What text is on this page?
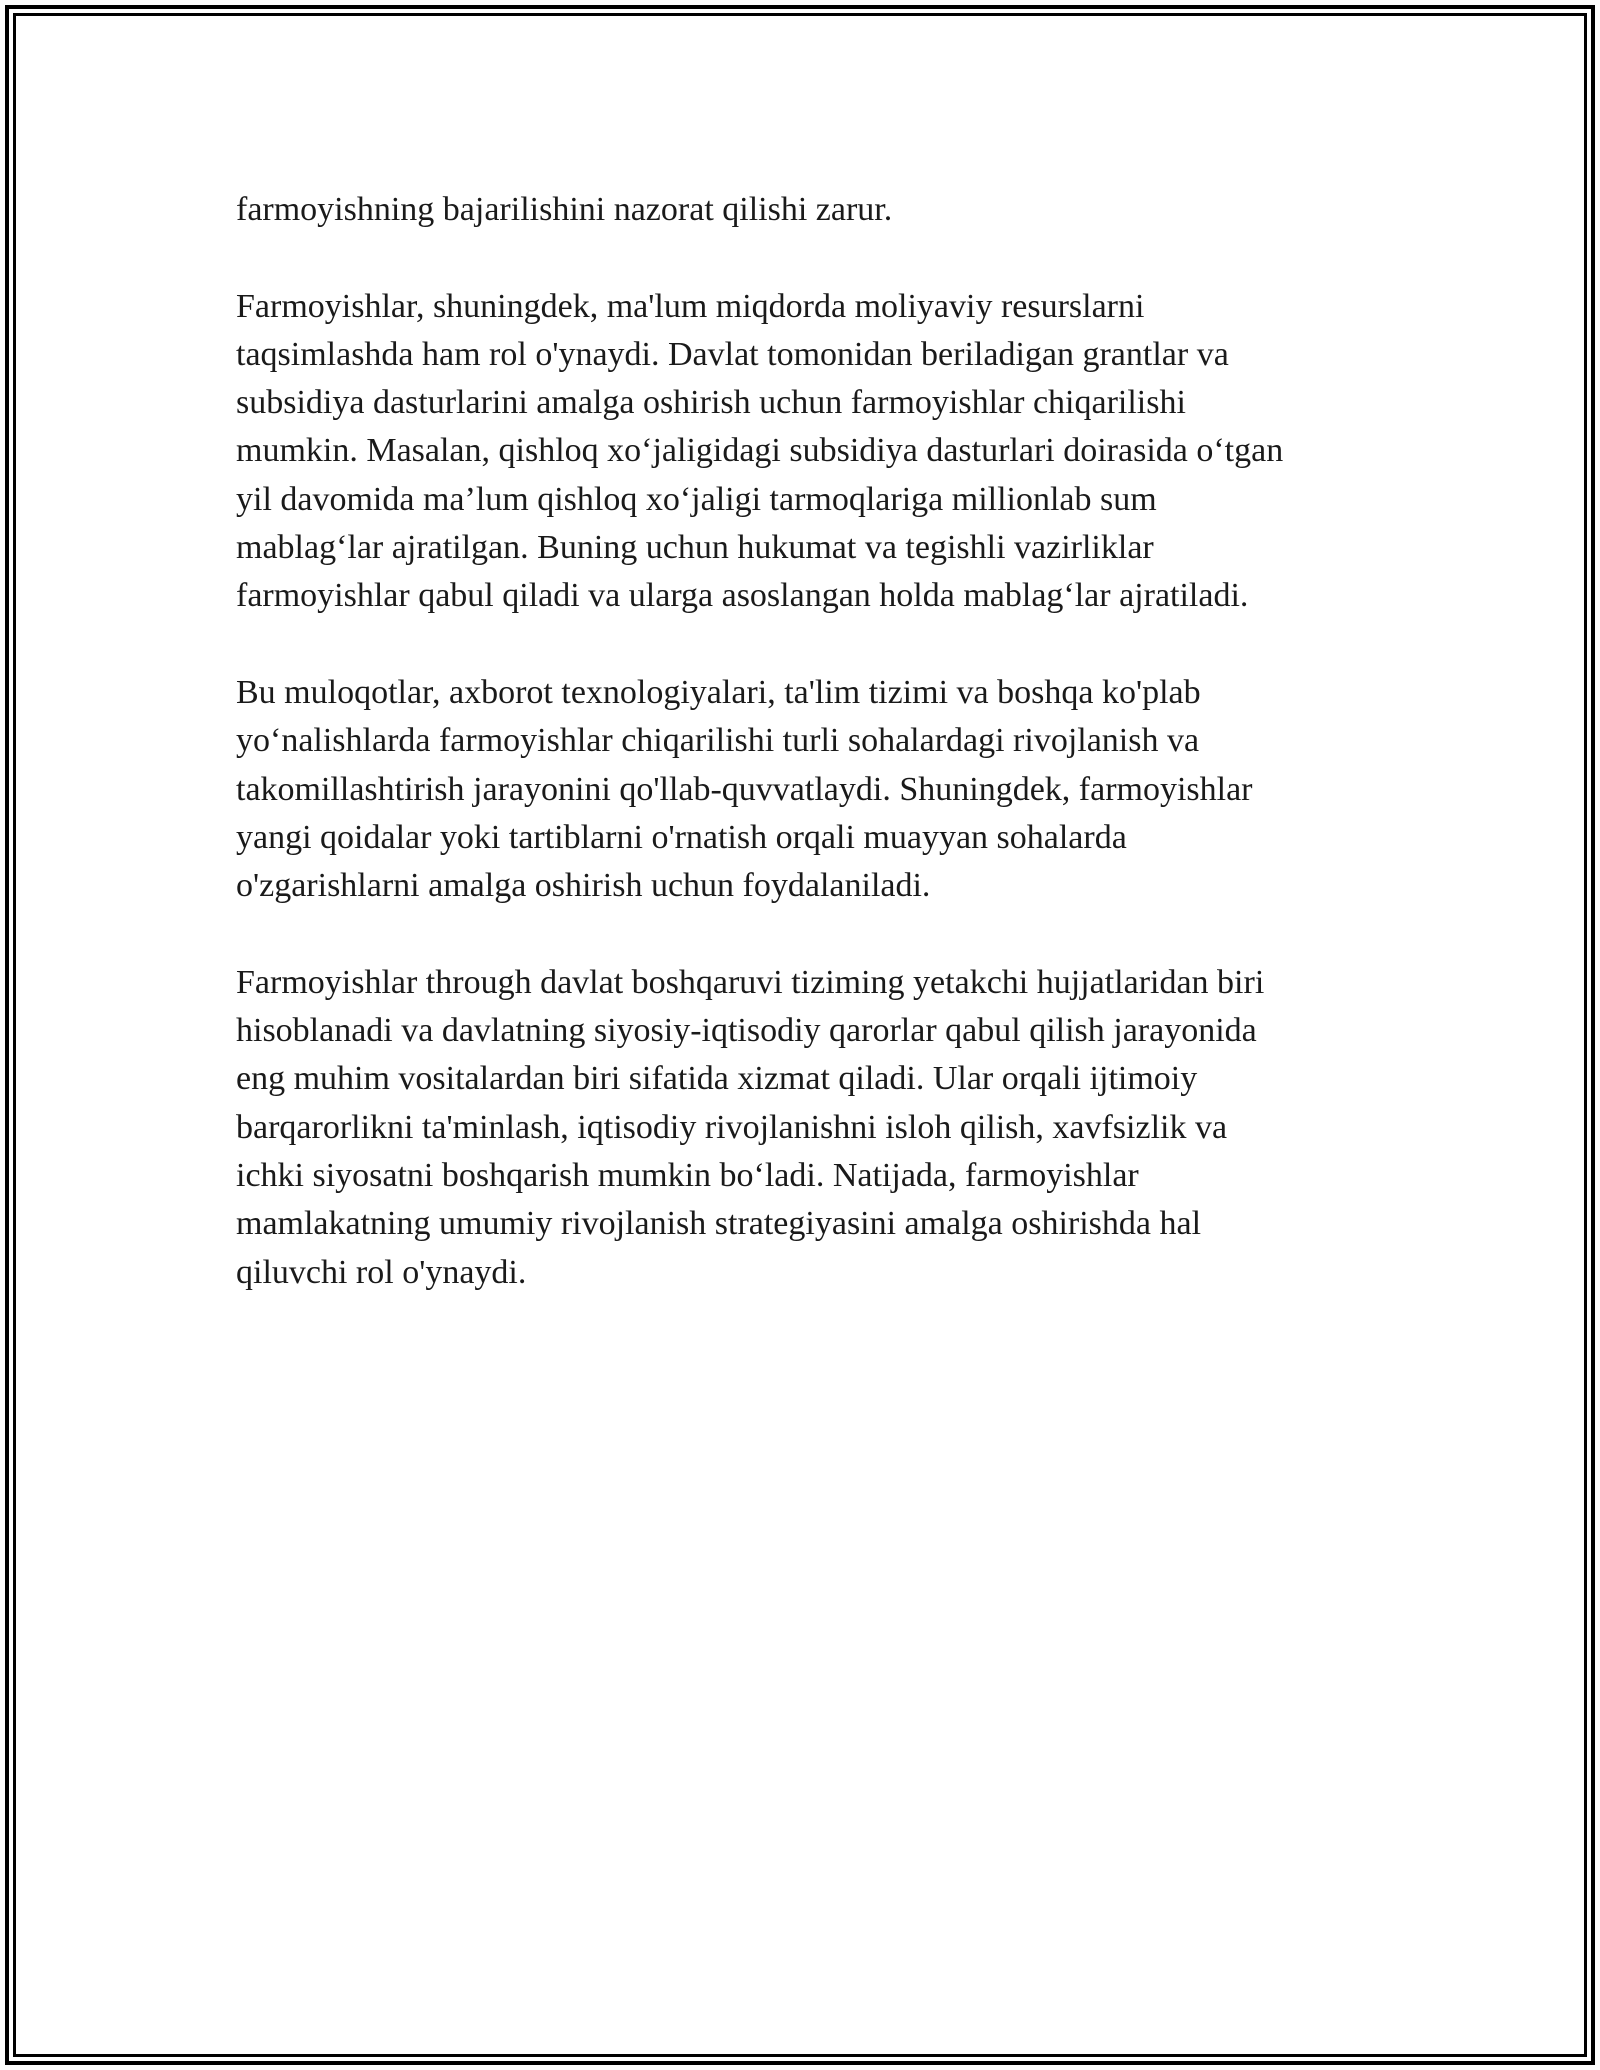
farmoyishning bajarilishini nazorat qilishi zarur.

Farmoyishlar, shuningdek, ma'lum miqdorda moliyaviy resurslarni
taqsimlashda ham rol o'ynaydi. Davlat tomonidan beriladigan grantlar va
subsidiya dasturlarini amalga oshirish uchun farmoyishlar chiqarilishi
mumkin. Masalan, qishloq xo‘jaligidagi subsidiya dasturlari doirasida o‘tgan
yil davomida ma’lum qishloq xo‘jaligi tarmoqlariga millionlab sum
mablag‘lar ajratilgan. Buning uchun hukumat va tegishli vazirliklar
farmoyishlar qabul qiladi va ularga asoslangan holda mablag‘lar ajratiladi.

Bu muloqotlar, axborot texnologiyalari, ta'lim tizimi va boshqa ko'plab
yo‘nalishlarda farmoyishlar chiqarilishi turli sohalardagi rivojlanish va
takomillashtirish jarayonini qo'llab-quvvatlaydi. Shuningdek, farmoyishlar
yangi qoidalar yoki tartiblarni o'rnatish orqali muayyan sohalarda
o'zgarishlarni amalga oshirish uchun foydalaniladi.

Farmoyishlar through davlat boshqaruvi tiziming yetakchi hujjatlaridan biri
hisoblanadi va davlatning siyosiy-iqtisodiy qarorlar qabul qilish jarayonida
eng muhim vositalardan biri sifatida xizmat qiladi. Ular orqali ijtimoiy
barqarorlikni ta'minlash, iqtisodiy rivojlanishni isloh qilish, xavfsizlik va
ichki siyosatni boshqarish mumkin bo‘ladi. Natijada, farmoyishlar
mamlakatning umumiy rivojlanish strategiyasini amalga oshirishda hal
qiluvchi rol o'ynaydi.
